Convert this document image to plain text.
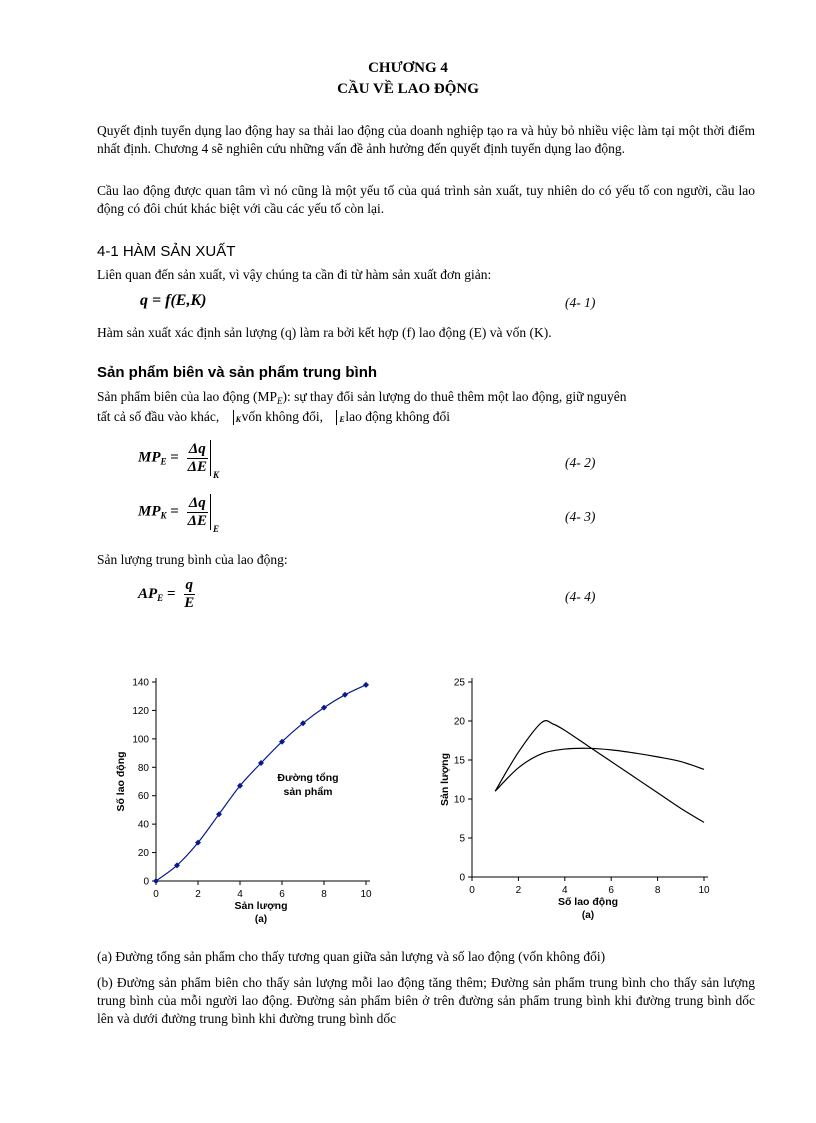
CHƯƠNG 4
CẦU VỀ LAO ĐỘNG

Quyết định tuyển dụng lao động hay sa thải lao động của doanh nghiệp tạo ra và hủy bỏ nhiều việc làm tại một thời điểm nhất định. Chương 4 sẽ nghiên cứu những vấn đề ảnh hưởng đến quyết định tuyển dụng lao động.

Cầu lao động được quan tâm vì nó cũng là một yếu tố của quá trình sản xuất, tuy nhiên do có yếu tố con người, cầu lao động có đôi chút khác biệt với cầu các yếu tố còn lại.

4-1 HÀM SẢN XUẤT

Liên quan đến sản xuất, vì vậy chúng ta cần đi từ hàm sản xuất đơn giản:

q = f(E,K)	(4- 1)

Hàm sản xuất xác định sản lượng (q) làm ra bởi kết hợp (f) lao động (E) và vốn (K).

Sản phẩm biên và sản phẩm trung bình
Sản phẩm biên của lao động $(MP_E)$: sự thay đổi sản lượng do thuê thêm một lao động, giữ nguyên
tất cả số đầu vào khác, K vốn không đổi, E lao động không đổi
$MP_E = \frac{\Delta q}{\Delta E}$ K
(4- 2)
$MP_K = \frac{\Delta q}{\Delta E}$ E
(4- 3)

Sản lượng trung bình của lao động:

$AP_E = \frac{q}{E}$	(4- 4)
0
20
40
60
80
100
120
140
0	2	4	6	8	10
Sản lượng
(a)
Số lao động	Đường tổng
sản phẩm
0
5
10
15
20
25
0	2	4	6	8	10
Số lao động
(a)
Sản lượng

(a) Đường tổng sản phẩm cho thấy tương quan giữa sản lượng và số lao động (vốn không đổi)

(b) Đường sản phẩm biên cho thấy sản lượng mỗi lao động tăng thêm; Đường sản phẩm trung bình cho thấy sản lượng trung bình của mỗi người lao động. Đường sản phẩm biên ở trên đường sản phẩm trung bình khi đường trung bình dốc lên và dưới đường trung bình khi đường trung bình dốc
